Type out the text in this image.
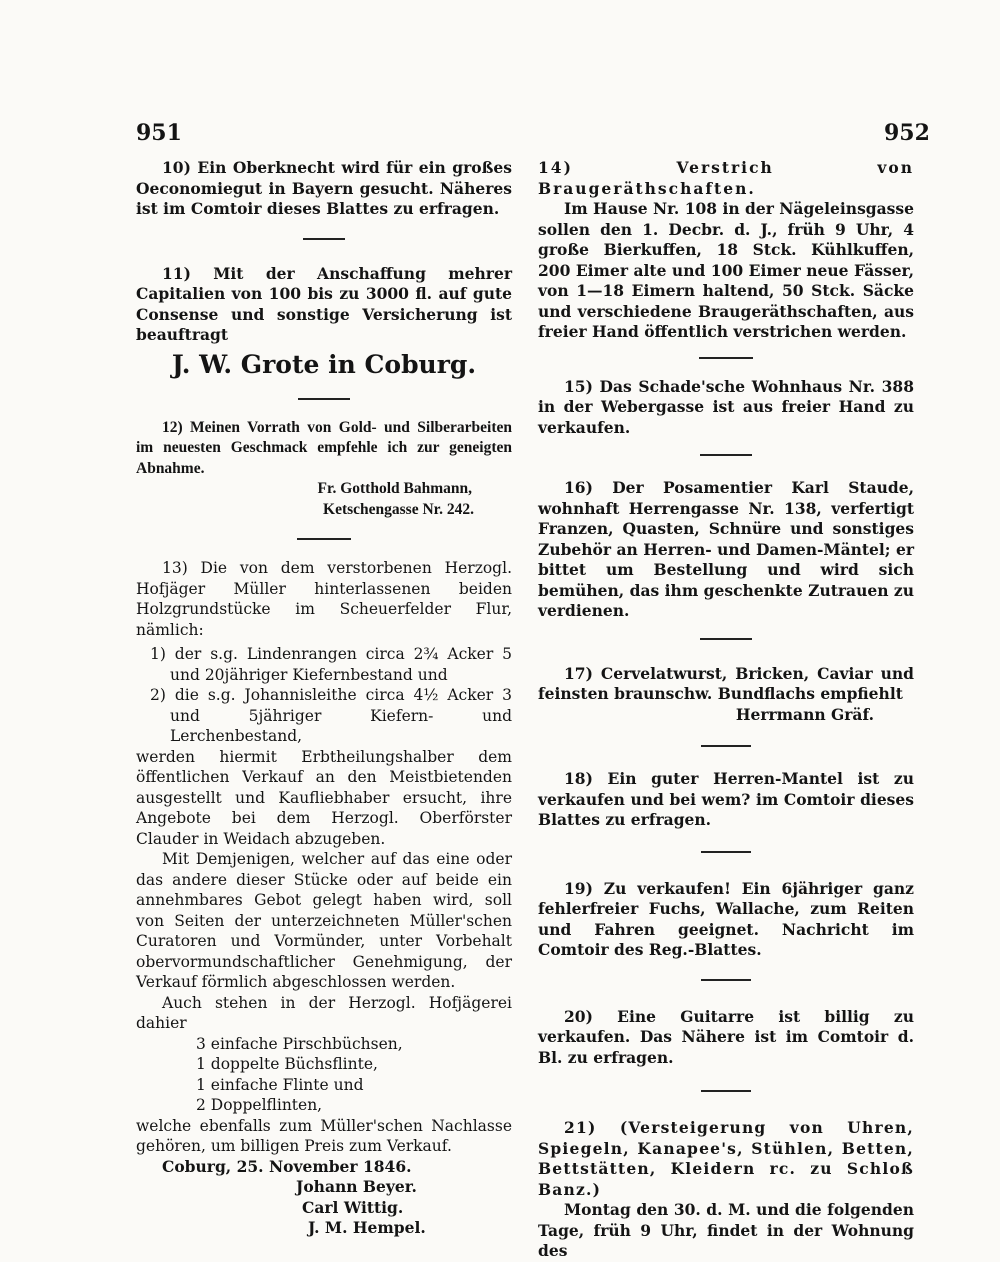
951	952

10) Ein Oberknecht wird für ein großes Oeconomiegut in Bayern gesucht. Näheres ist im Comtoir dieses Blattes zu erfragen.

11) Mit der Anschaffung mehrer Capitalien von 100 bis zu 3000 fl. auf gute Consense und sonstige Versicherung ist beauftragt

J. W. Grote in Coburg.

12) Meinen Vorrath von Gold- und Silberarbeiten im neuesten Geschmack empfehle ich zur geneigten Abnahme.

Fr. Gotthold Bahmann,
Ketschengasse Nr. 242.

13) Die von dem verstorbenen Herzogl. Hofjäger Müller hinterlassenen beiden Holzgrundstücke im Scheuerfelder Flur, nämlich:

1) der s.g. Lindenrangen circa 2¾ Acker 5 und 20jähriger Kiefernbestand und

2) die s.g. Johannisleithe circa 4½ Acker 3 und 5jähriger Kiefern- und Lerchenbestand,

werden hiermit Erbtheilungshalber dem öffentlichen Verkauf an den Meistbietenden ausgestellt und Kaufliebhaber ersucht, ihre Angebote bei dem Herzogl. Oberförster Clauder in Weidach abzugeben.

Mit Demjenigen, welcher auf das eine oder das andere dieser Stücke oder auf beide ein annehmbares Gebot gelegt haben wird, soll von Seiten der unterzeichneten Müller'schen Curatoren und Vormünder, unter Vorbehalt obervormundschaftlicher Genehmigung, der Verkauf förmlich abgeschlossen werden.

Auch stehen in der Herzogl. Hofjägerei dahier

3 einfache Pirschbüchsen,
1 doppelte Büchsflinte,
1 einfache Flinte und
2 Doppelflinten,

welche ebenfalls zum Müller'schen Nachlasse gehören, um billigen Preis zum Verkauf.

Coburg, 25. November 1846.

Johann Beyer.
Carl Wittig.
J. M. Hempel.

14) Verstrich von Braugeräthschaften.

Im Hause Nr. 108 in der Nägeleinsgasse sollen den 1. Decbr. d. J., früh 9 Uhr, 4 große Bierkuffen, 18 Stck. Kühlkuffen, 200 Eimer alte und 100 Eimer neue Fässer, von 1—18 Eimern haltend, 50 Stck. Säcke und verschiedene Braugeräthschaften, aus freier Hand öffentlich verstrichen werden.

15) Das Schade'sche Wohnhaus Nr. 388 in der Webergasse ist aus freier Hand zu verkaufen.

16) Der Posamentier Karl Staude, wohnhaft Herrengasse Nr. 138, verfertigt Franzen, Quasten, Schnüre und sonstiges Zubehör an Herren- und Damen-Mäntel; er bittet um Bestellung und wird sich bemühen, das ihm geschenkte Zutrauen zu verdienen.

17) Cervelatwurst, Bricken, Caviar und feinsten braunschw. Bundflachs empfiehlt

Herrmann Gräf.

18) Ein guter Herren-Mantel ist zu verkaufen und bei wem? im Comtoir dieses Blattes zu erfragen.

19) Zu verkaufen! Ein 6jähriger ganz fehlerfreier Fuchs, Wallache, zum Reiten und Fahren geeignet. Nachricht im Comtoir des Reg.-Blattes.

20) Eine Guitarre ist billig zu verkaufen. Das Nähere ist im Comtoir d. Bl. zu erfragen.

21) (Versteigerung von Uhren, Spiegeln, Kanapee's, Stühlen, Betten, Bettstätten, Kleidern rc. zu Schloß Banz.)

Montag den 30. d. M. und die folgenden Tage, früh 9 Uhr, findet in der Wohnung des
